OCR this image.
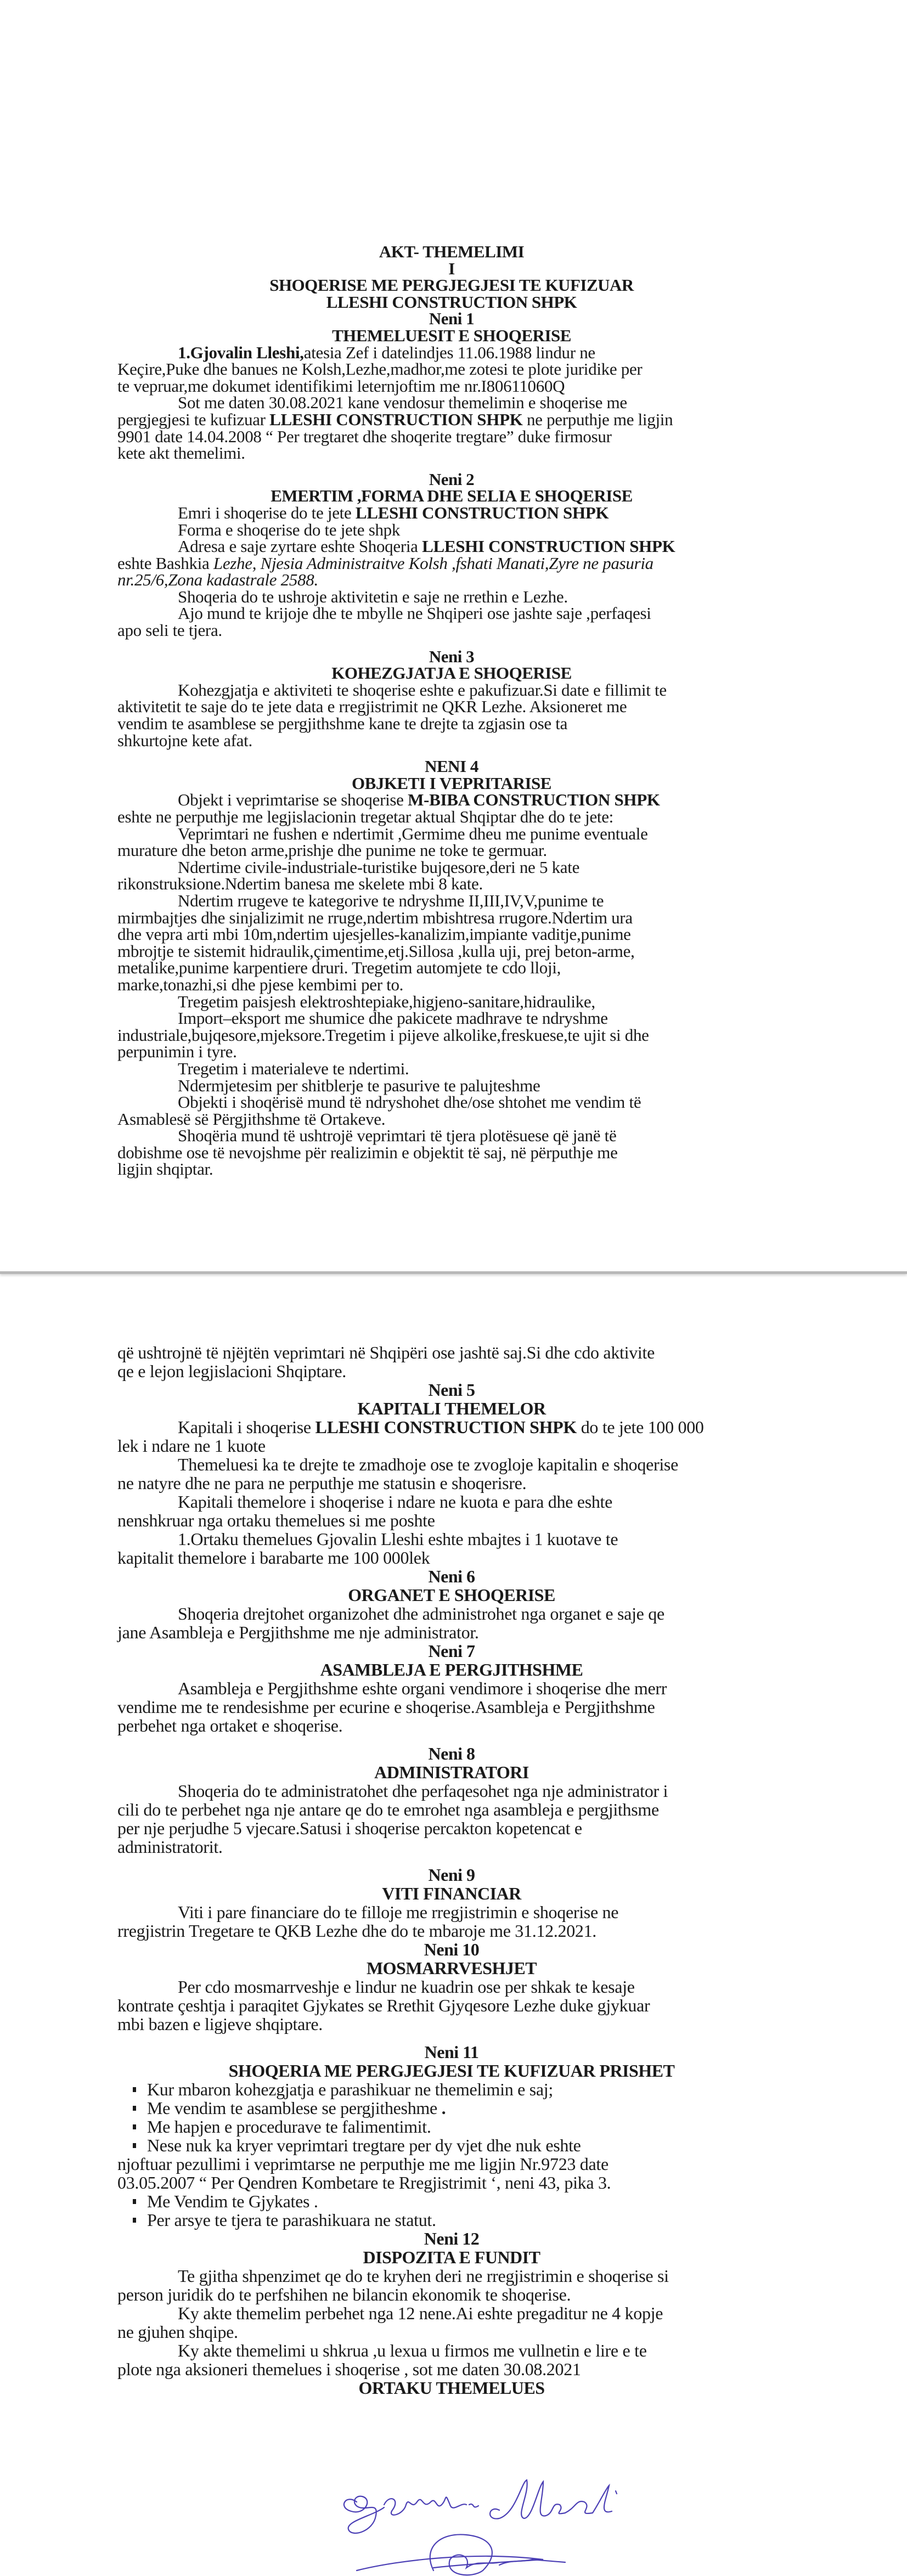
AKT- THEMELIMI
I
SHOQERISE ME PERGJEGJESI TE KUFIZUAR
LLESHI CONSTRUCTION SHPK
Neni 1
THEMELUESIT E SHOQERISE
1.Gjovalin Lleshi,atesia Zef i datelindjes 11.06.1988 lindur ne
Keçire,Puke dhe banues ne Kolsh,Lezhe,madhor,me zotesi te plote juridike per
te vepruar,me dokumet identifikimi leternjoftim me nr.I80611060Q
Sot me daten 30.08.2021 kane vendosur themelimin e shoqerise me
pergjegjesi te kufizuar LLESHI CONSTRUCTION SHPK ne perputhje me ligjin
9901 date 14.04.2008 “ Per tregtaret dhe shoqerite tregtare” duke firmosur
kete akt themelimi.
Neni 2
EMERTIM ,FORMA DHE SELIA E SHOQERISE
Emri i shoqerise do te jete LLESHI CONSTRUCTION SHPK
Forma e shoqerise do te jete shpk
Adresa e saje zyrtare eshte Shoqeria LLESHI CONSTRUCTION SHPK
eshte Bashkia Lezhe, Njesia Administraitve Kolsh ,fshati Manati,Zyre ne pasuria
nr.25/6,Zona kadastrale 2588.
Shoqeria do te ushroje aktivitetin e saje ne rrethin e Lezhe.
Ajo mund te krijoje dhe te mbylle ne Shqiperi ose jashte saje ,perfaqesi
apo seli te tjera.
Neni 3
KOHEZGJATJA E SHOQERISE
Kohezgjatja e aktiviteti te shoqerise eshte e pakufizuar.Si date e fillimit te
aktivitetit te saje do te jete data e rregjistrimit ne QKR Lezhe. Aksioneret me
vendim te asamblese se pergjithshme kane te drejte ta zgjasin ose ta
shkurtojne kete afat.
NENI 4
OBJKETI I VEPRITARISE
Objekt i veprimtarise se shoqerise M-BIBA CONSTRUCTION SHPK
eshte ne perputhje me legjislacionin tregetar aktual Shqiptar dhe do te jete:
Veprimtari ne fushen e ndertimit ,Germime dheu me punime eventuale
murature dhe beton arme,prishje dhe punime ne toke te germuar.
Ndertime civile-industriale-turistike bujqesore,deri ne 5 kate
rikonstruksione.Ndertim banesa me skelete mbi 8 kate.
Ndertim rrugeve te kategorive te ndryshme II,III,IV,V,punime te
mirmbajtjes dhe sinjalizimit ne rruge,ndertim mbishtresa rrugore.Ndertim ura
dhe vepra arti mbi 10m,ndertim ujesjelles-kanalizim,impiante vaditje,punime
mbrojtje te sistemit hidraulik,çimentime,etj.Sillosa ,kulla uji, prej beton-arme,
metalike,punime karpentiere druri. Tregetim automjete te cdo lloji,
marke,tonazhi,si dhe pjese kembimi per to.
Tregetim paisjesh elektroshtepiake,higjeno-sanitare,hidraulike,
Import–eksport me shumice dhe pakicete madhrave te ndryshme
industriale,bujqesore,mjeksore.Tregetim i pijeve alkolike,freskuese,te ujit si dhe
perpunimin i tyre.
Tregetim i materialeve te ndertimi.
Ndermjetesim per shitblerje te pasurive te palujteshme
Objekti i shoqërisë mund të ndryshohet dhe/ose shtohet me vendim të
Asmablesë së Përgjithshme të Ortakeve.
Shoqëria mund të ushtrojë veprimtari të tjera plotësuese që janë të
dobishme ose të nevojshme për realizimin e objektit të saj, në përputhje me
ligjin shqiptar.
që ushtrojnë të njëjtën veprimtari në Shqipëri ose jashtë saj.Si dhe cdo aktivite
qe e lejon legjislacioni Shqiptare.
Neni 5
KAPITALI THEMELOR
Kapitali i shoqerise LLESHI CONSTRUCTION SHPK do te jete 100 000
lek i ndare ne 1 kuote
Themeluesi ka te drejte te zmadhoje ose te zvogloje kapitalin e shoqerise
ne natyre dhe ne para ne perputhje me statusin e shoqerisre.
Kapitali themelore i shoqerise i ndare ne kuota e para dhe eshte
nenshkruar nga ortaku themelues si me poshte
1.Ortaku themelues Gjovalin Lleshi eshte mbajtes i 1 kuotave te
kapitalit themelore i barabarte me 100 000lek
Neni 6
ORGANET E SHOQERISE
Shoqeria drejtohet organizohet dhe administrohet nga organet e saje qe
jane Asambleja e Pergjithshme me nje administrator.
Neni 7
ASAMBLEJA E PERGJITHSHME
Asambleja e Pergjithshme eshte organi vendimore i shoqerise dhe merr
vendime me te rendesishme per ecurine e shoqerise.Asambleja e Pergjithshme
perbehet nga ortaket e shoqerise.
Neni 8
ADMINISTRATORI
Shoqeria do te administratohet dhe perfaqesohet nga nje administrator i
cili do te perbehet nga nje antare qe do te emrohet nga asambleja e pergjithsme
per nje perjudhe 5 vjecare.Satusi i shoqerise percakton kopetencat e
administratorit.
Neni 9
VITI FINANCIAR
Viti i pare financiare do te filloje me rregjistrimin e shoqerise ne
rregjistrin Tregetare te QKB Lezhe dhe do te mbaroje me 31.12.2021.
Neni 10
MOSMARRVESHJET
Per cdo mosmarrveshje e lindur ne kuadrin ose per shkak te kesaje
kontrate çeshtja i paraqitet Gjykates se Rrethit Gjyqesore Lezhe duke gjykuar
mbi bazen e ligjeve shqiptare.
Neni 11
SHOQERIA ME PERGJEGJESI TE KUFIZUAR PRISHET
Kur mbaron kohezgjatja e parashikuar ne themelimin e saj;
Me vendim te asamblese se pergjitheshme .
Me hapjen e procedurave te falimentimit.
Nese nuk ka kryer veprimtari tregtare per dy vjet dhe nuk eshte
njoftuar pezullimi i veprimtarse ne perputhje me me ligjin Nr.9723 date
03.05.2007 “ Per Qendren Kombetare te Rregjistrimit ‘, neni 43, pika 3.
Me Vendim te Gjykates .
Per arsye te tjera te parashikuara ne statut.
Neni 12
DISPOZITA E FUNDIT
Te gjitha shpenzimet qe do te kryhen deri ne rregjistrimin e shoqerise si
person juridik do te perfshihen ne bilancin ekonomik te shoqerise.
Ky akte themelim perbehet nga 12 nene.Ai eshte pregaditur ne 4 kopje
ne gjuhen shqipe.
Ky akte themelimi u shkrua ,u lexua u firmos me vullnetin e lire e te
plote nga aksioneri themelues i shoqerise , sot me daten 30.08.2021
ORTAKU THEMELUES
